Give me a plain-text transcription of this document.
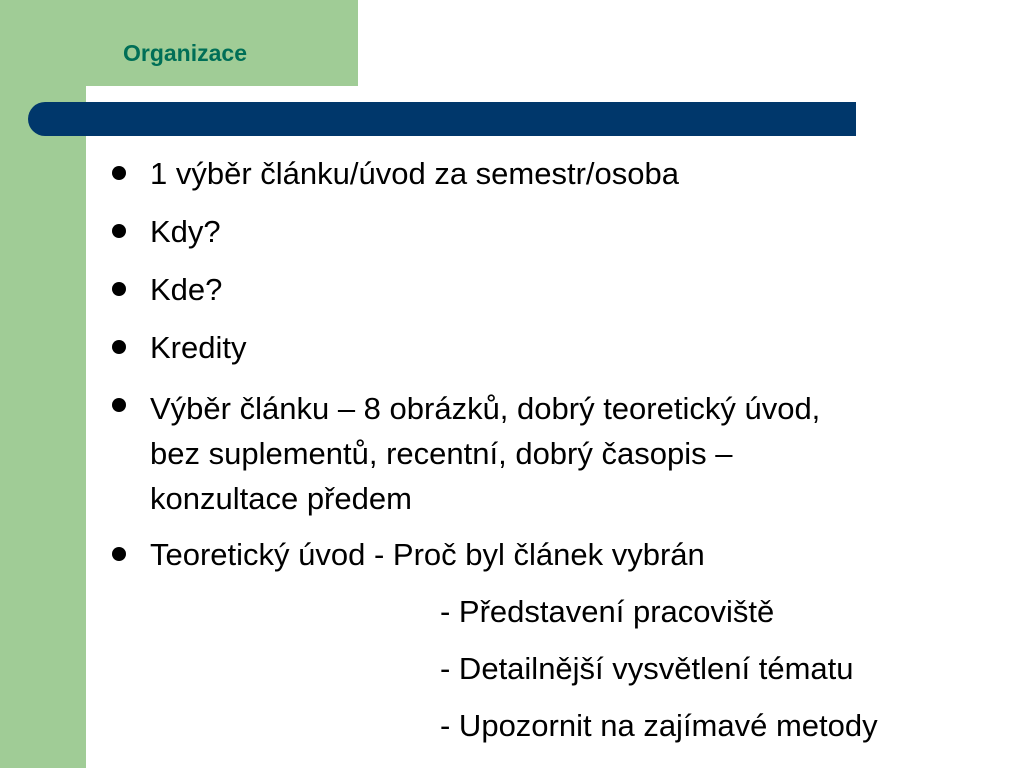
Organizace
1 výběr článku/úvod za semestr/osoba
Kdy?
Kde?
Kredity
Výběr článku – 8 obrázků, dobrý teoretický úvod,
bez suplementů, recentní, dobrý časopis –
konzultace předem
Teoretický úvod - Proč byl článek vybrán
- Představení pracoviště
- Detailnější vysvětlení tématu
- Upozornit na zajímavé metody
